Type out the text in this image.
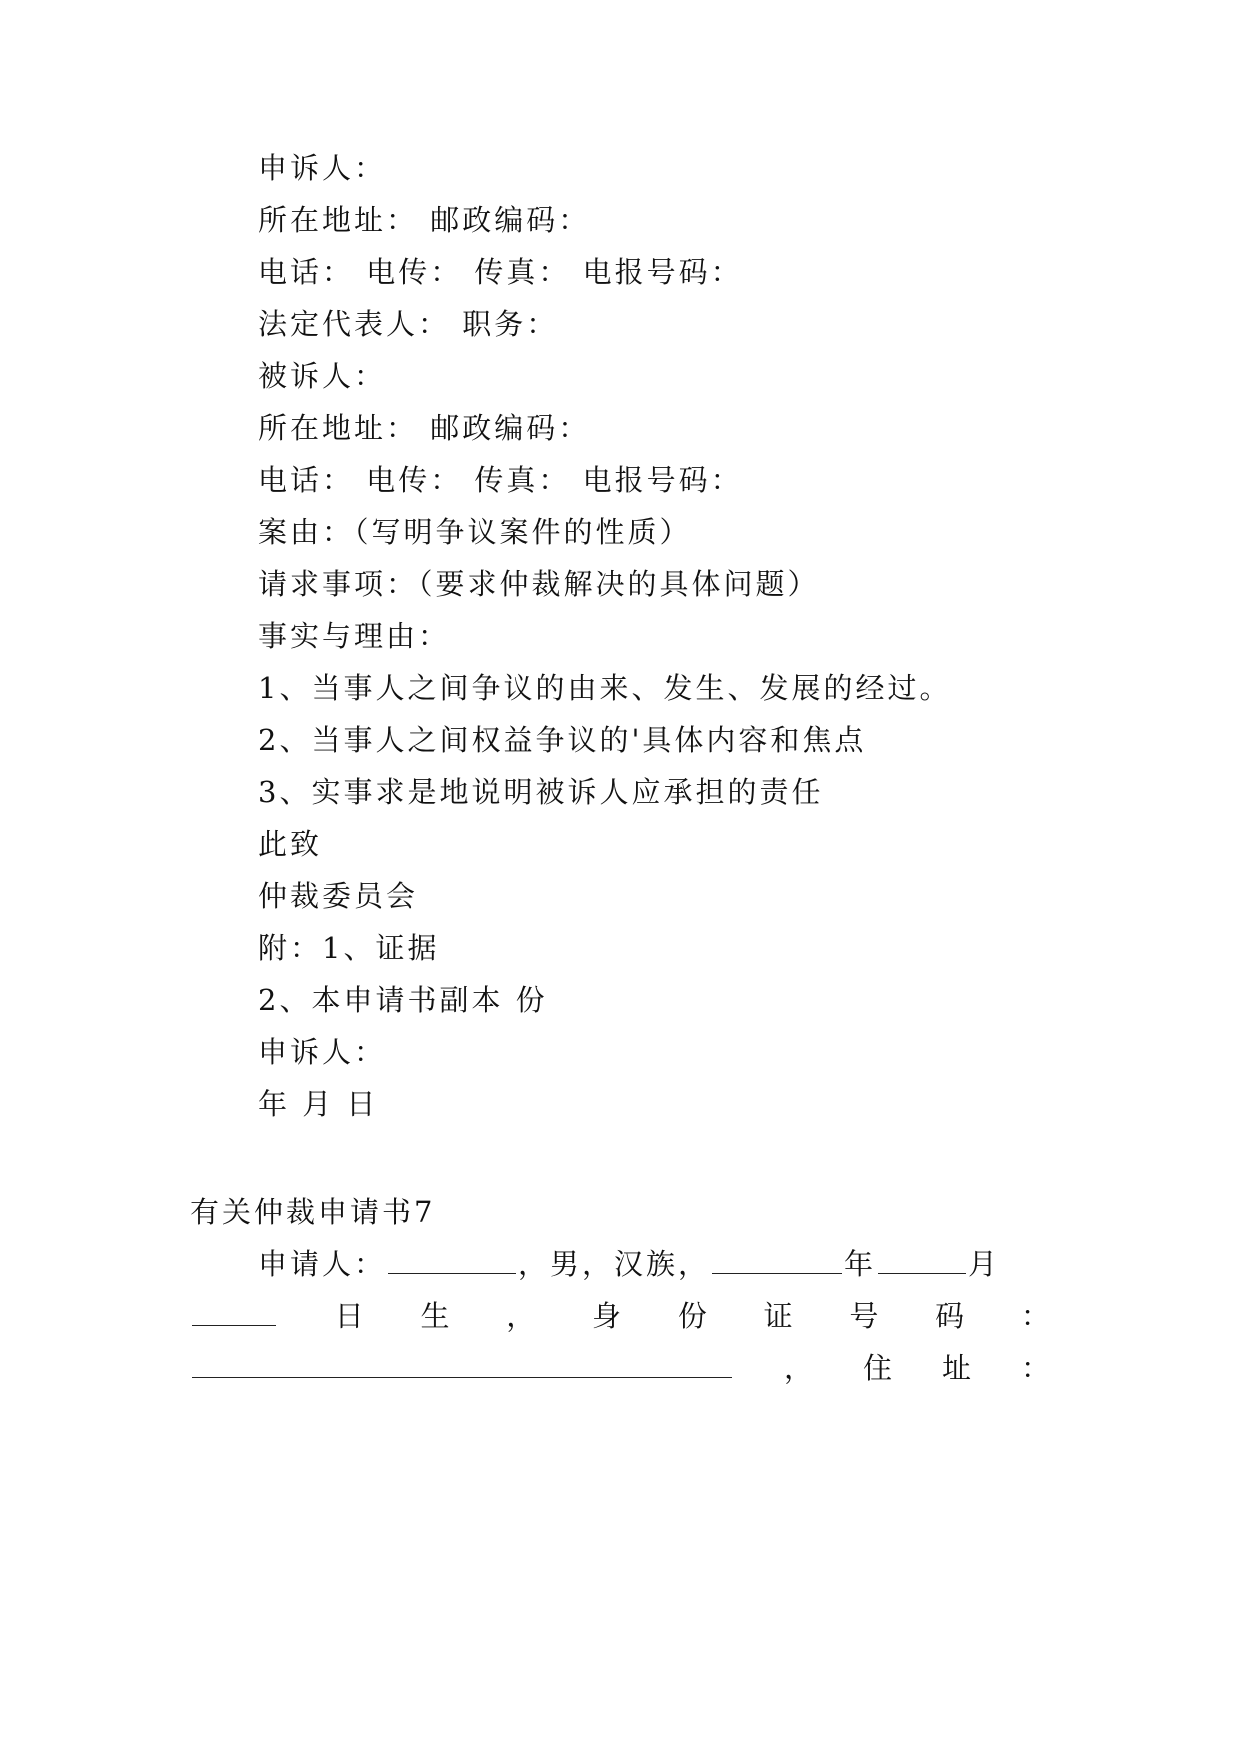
申诉人：
所在地址： 邮政编码：
电话： 电传： 传真： 电报号码：
法定代表人： 职务：
被诉人：
所在地址： 邮政编码：
电话： 电传： 传真： 电报号码：
案由：（写明争议案件的性质）
请求事项：（要求仲裁解决的具体问题）
事实与理由：
1、当事人之间争议的由来、发生、发展的经过。
2、当事人之间权益争议的'具体内容和焦点
3、实事求是地说明被诉人应承担的责任
此致
仲裁委员会
附：1、证据
2、本申请书副本 份
申诉人：
年 月 日
有关仲裁申请书7
申请人：	，男，汉族，	年	月
日 生 ， 身 份 证 号 码 ：
， 住 址 ：
